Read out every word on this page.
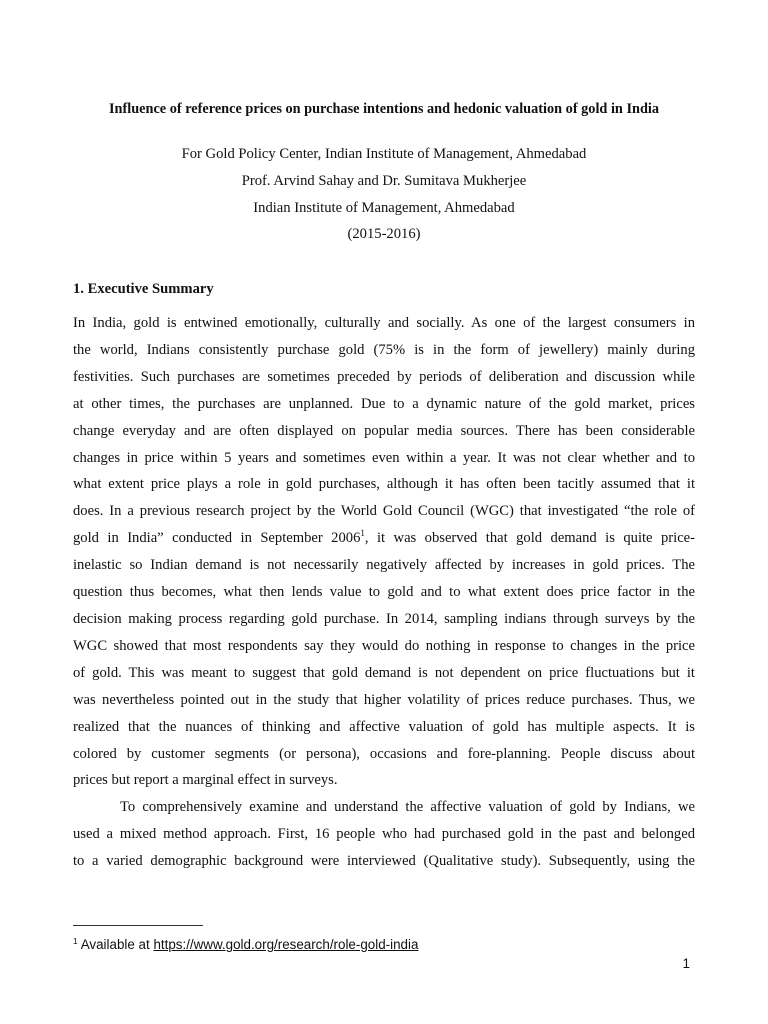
Influence of reference prices on purchase intentions and hedonic valuation of gold in India
For Gold Policy Center, Indian Institute of Management, Ahmedabad
Prof. Arvind Sahay and Dr. Sumitava Mukherjee
Indian Institute of Management, Ahmedabad
(2015-2016)
1. Executive Summary

In India, gold is entwined emotionally, culturally and socially. As one of the largest consumers in
the world, Indians consistently purchase gold (75% is in the form of jewellery) mainly during
festivities. Such purchases are sometimes preceded by periods of deliberation and discussion while
at other times, the purchases are unplanned. Due to a dynamic nature of the gold market, prices
change everyday and are often displayed on popular media sources. There has been considerable
changes in price within 5 years and sometimes even within a year. It was not clear whether and to
what extent price plays a role in gold purchases, although it has often been tacitly assumed that it
does. In a previous research project by the World Gold Council (WGC) that investigated “the role of
gold in India” conducted in September 2006$^1$, it was observed that gold demand is quite price-
inelastic so Indian demand is not necessarily negatively affected by increases in gold prices. The
question thus becomes, what then lends value to gold and to what extent does price factor in the
decision making process regarding gold purchase. In 2014, sampling indians through surveys by the
WGC showed that most respondents say they would do nothing in response to changes in the price
of gold. This was meant to suggest that gold demand is not dependent on price fluctuations but it
was nevertheless pointed out in the study that higher volatility of prices reduce purchases. Thus, we
realized that the nuances of thinking and affective valuation of gold has multiple aspects. It is
colored by customer segments (or persona), occasions and fore-planning. People discuss about
prices but report a marginal effect in surveys.

To comprehensively examine and understand the affective valuation of gold by Indians, we
used a mixed method approach. First, 16 people who had purchased gold in the past and belonged
to a varied demographic background were interviewed (Qualitative study). Subsequently, using the

$^1$ Available at https://www.gold.org/research/role-gold-india
1
